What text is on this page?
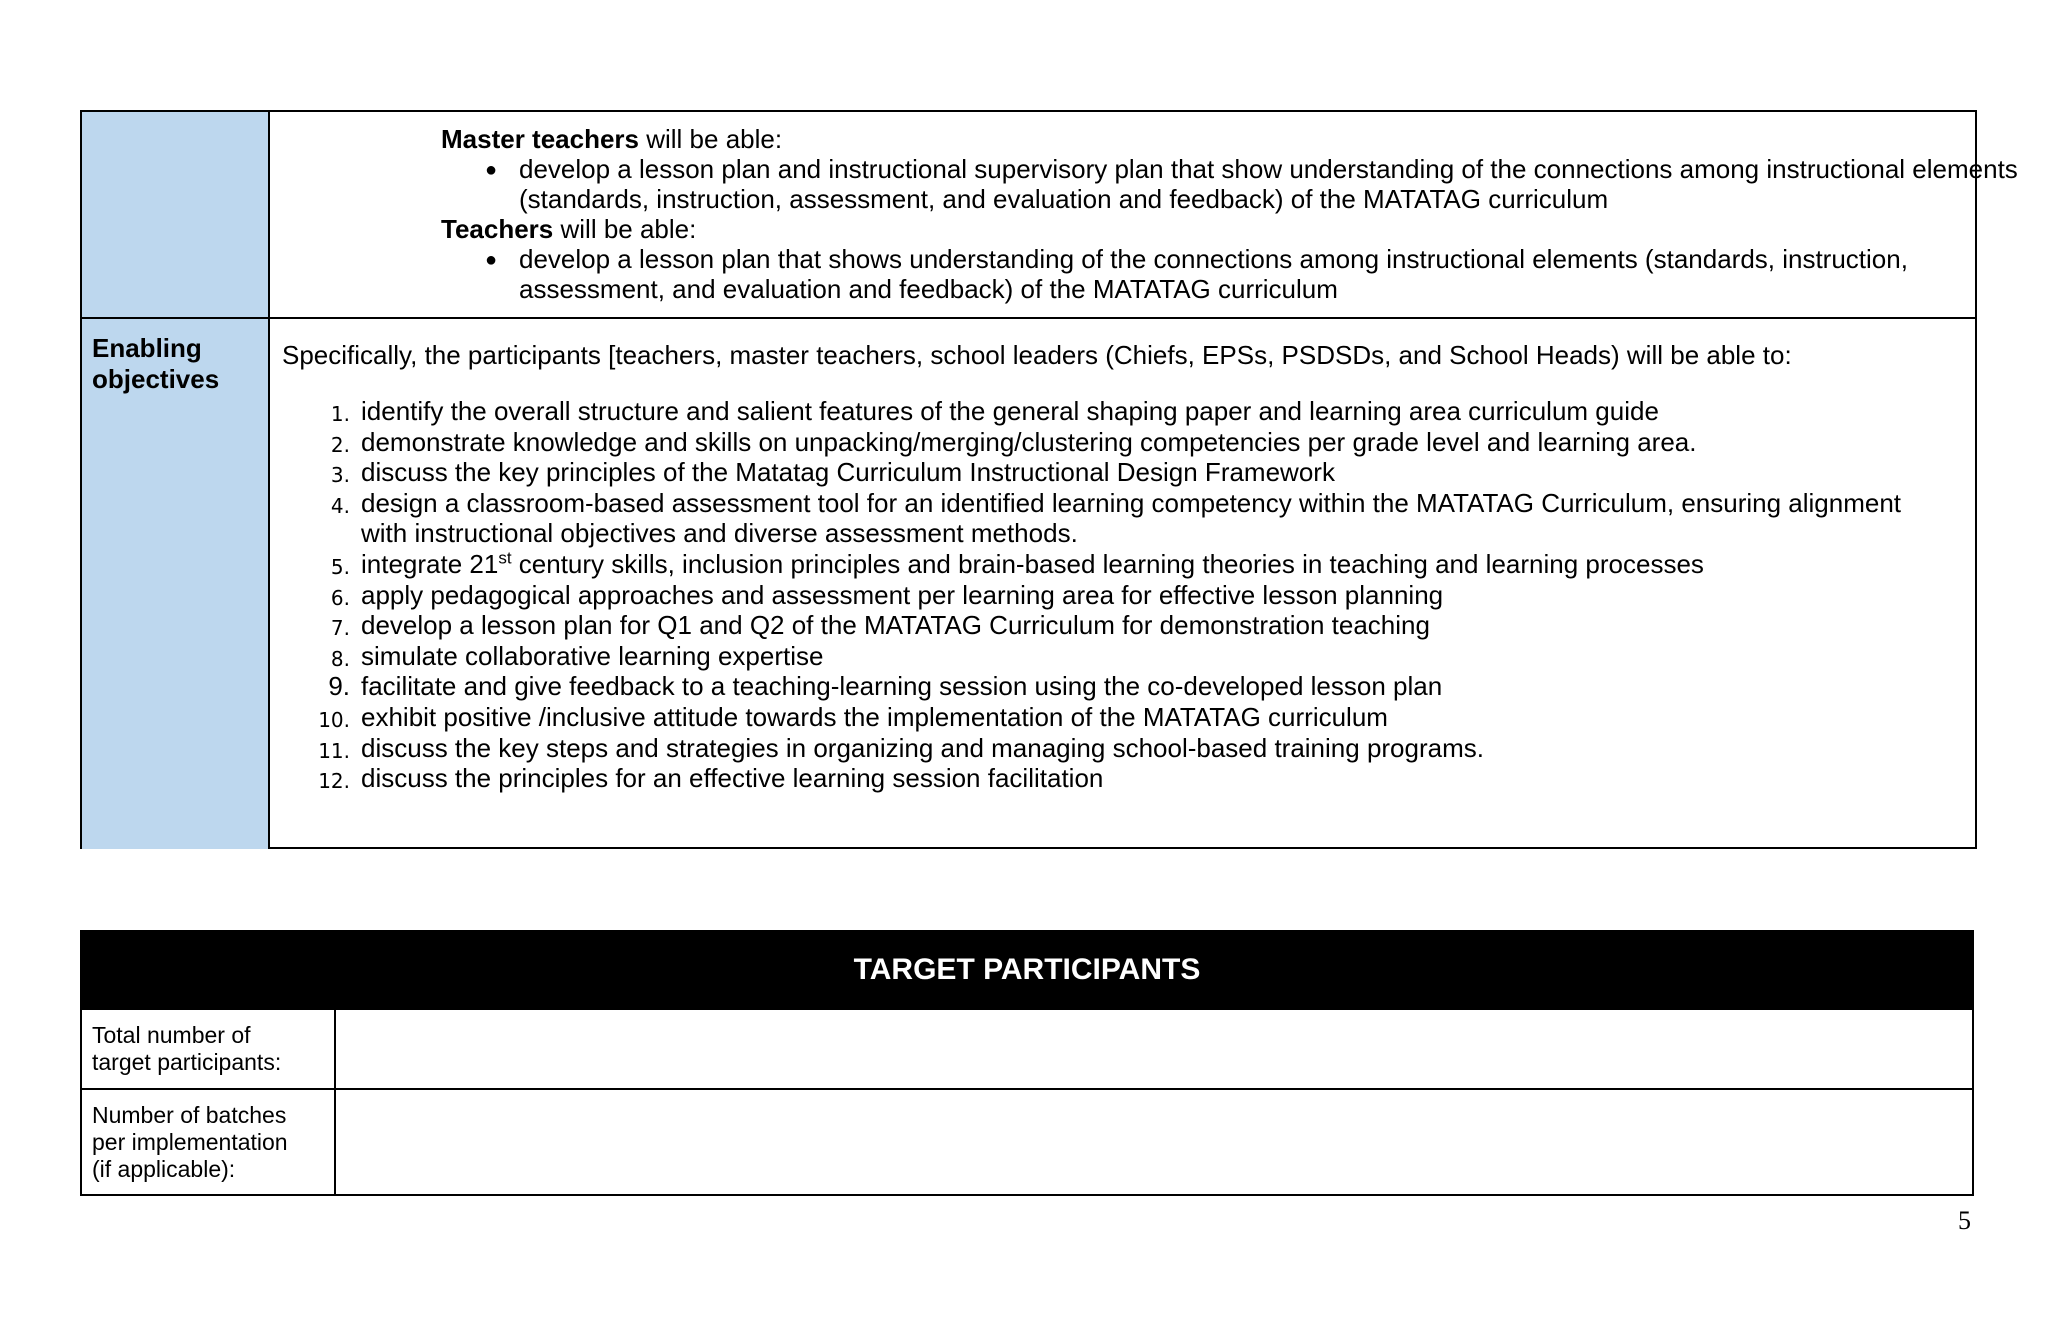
Enabling
objectives
Master teachers will be able:
● develop a lesson plan and instructional supervisory plan that show understanding of the connections among instructional elements
(standards, instruction, assessment, and evaluation and feedback) of the MATATAG curriculum
Teachers will be able:
● develop a lesson plan that shows understanding of the connections among instructional elements (standards, instruction,
assessment, and evaluation and feedback) of the MATATAG curriculum
Specifically, the participants [teachers, master teachers, school leaders (Chiefs, EPSs, PSDSDs, and School Heads) will be able to:
1. identify the overall structure and salient features of the general shaping paper and learning area curriculum guide
2. demonstrate knowledge and skills on unpacking/merging/clustering competencies per grade level and learning area.
3. discuss the key principles of the Matatag Curriculum Instructional Design Framework
4. design a classroom-based assessment tool for an identified learning competency within the MATATAG Curriculum, ensuring alignment
with instructional objectives and diverse assessment methods.
5. integrate 21st century skills, inclusion principles and brain-based learning theories in teaching and learning processes
6. apply pedagogical approaches and assessment per learning area for effective lesson planning
7. develop a lesson plan for Q1 and Q2 of the MATATAG Curriculum for demonstration teaching
8. simulate collaborative learning expertise
9. facilitate and give feedback to a teaching-learning session using the co-developed lesson plan
10. exhibit positive /inclusive attitude towards the implementation of the MATATAG curriculum
11. discuss the key steps and strategies in organizing and managing school-based training programs.
12. discuss the principles for an effective learning session facilitation
TARGET PARTICIPANTS
Total number of
target participants:
Number of batches
per implementation
(if applicable):
5
